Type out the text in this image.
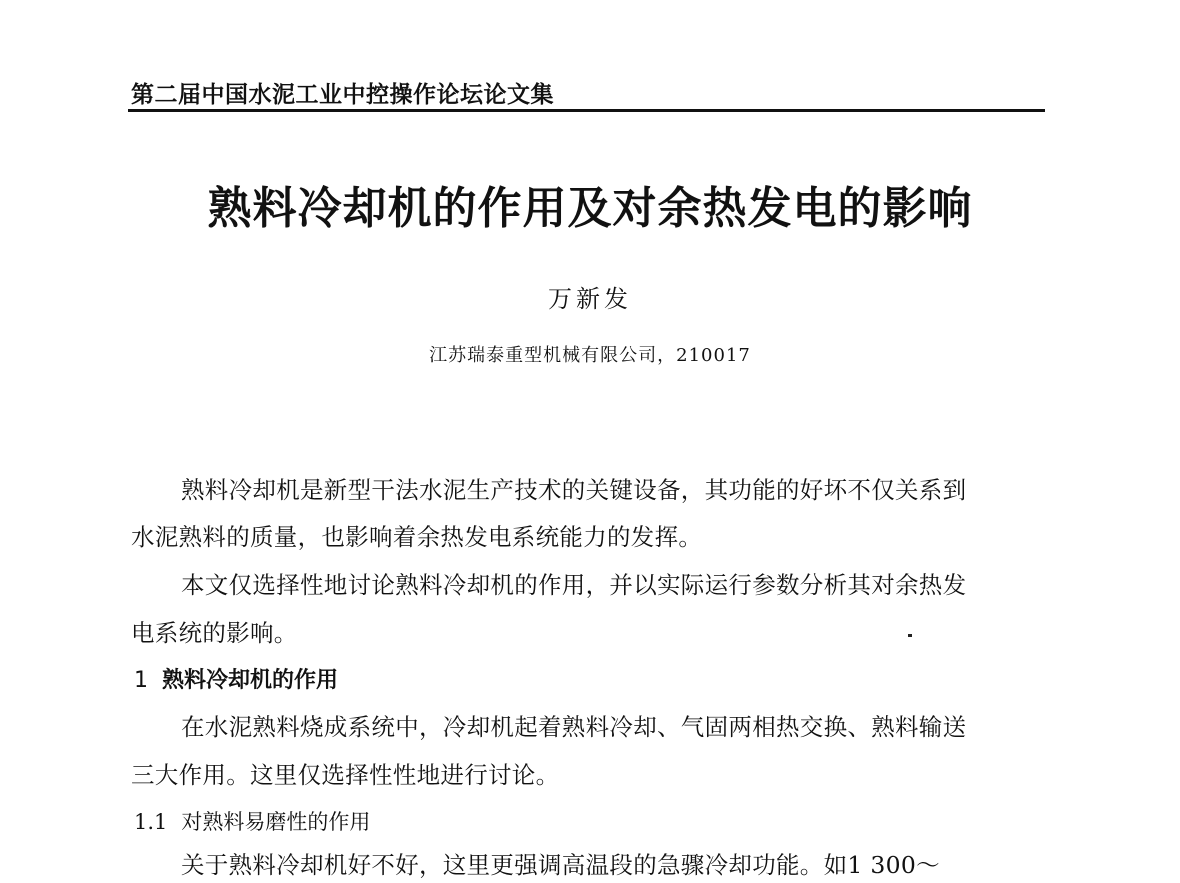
第二届中国水泥工业中控操作论坛论文集
熟料冷却机的作用及对余热发电的影响
万新发
江苏瑞泰重型机械有限公司，210017
熟料冷却机是新型干法水泥生产技术的关键设备，其功能的好坏不仅关系到
水泥熟料的质量，也影响着余热发电系统能力的发挥。
本文仅选择性地讨论熟料冷却机的作用，并以实际运行参数分析其对余热发
电系统的影响。
1 熟料冷却机的作用
在水泥熟料烧成系统中，冷却机起着熟料冷却、气固两相热交换、熟料输送
三大作用。这里仅选择性性地进行讨论。
1.1 对熟料易磨性的作用
关于熟料冷却机好不好，这里更强调高温段的急骤冷却功能。如1 300～
